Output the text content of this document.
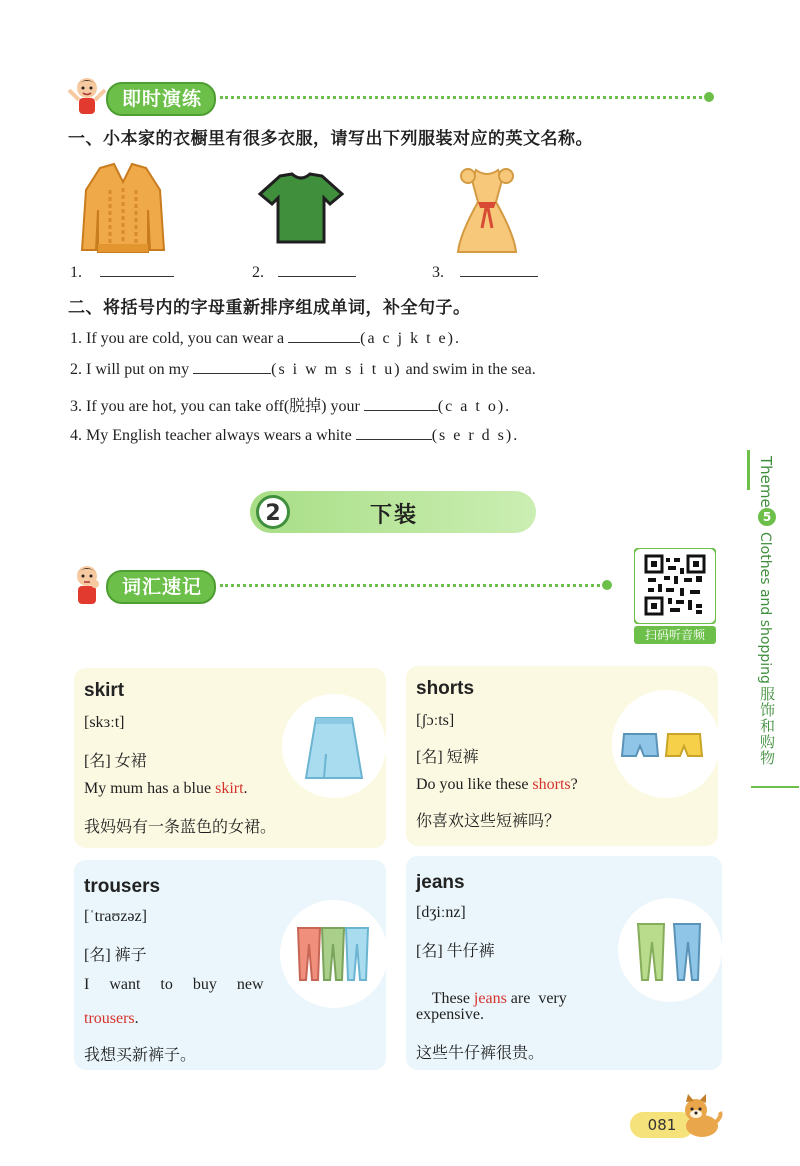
即时演练
一、小本家的衣橱里有很多衣服，请写出下列服装对应的英文名称。
1.	2.	3.
二、将括号内的字母重新排序组成单词，补全句子。
1. If you are cold, you can wear a	(a c j k t e).
2. I will put on my	(s i w m s i t u) and swim in the sea.
3. If you are hot, you can take off(脱掉) your	(c a t o).
4. My English teacher always wears a white	(s e r d s).
2	下装
词汇速记
扫码听音频
skirt
[skɜːt]
[名] 女裙
My mum has a blue skirt.
我妈妈有一条蓝色的女裙。
shorts
[ʃɔːts]
[名] 短裤
Do you like these shorts?
你喜欢这些短裤吗？
trousers
[ˈtraʊzəz]
[名] 裤子
I  want  to  buy  new
trousers.
我想买新裤子。
jeans
[dʒiːnz]
[名] 牛仔裤

These jeans are  very

expensive.
这些牛仔裤很贵。
Theme
5
Clothes and shopping
服饰和购物
081
